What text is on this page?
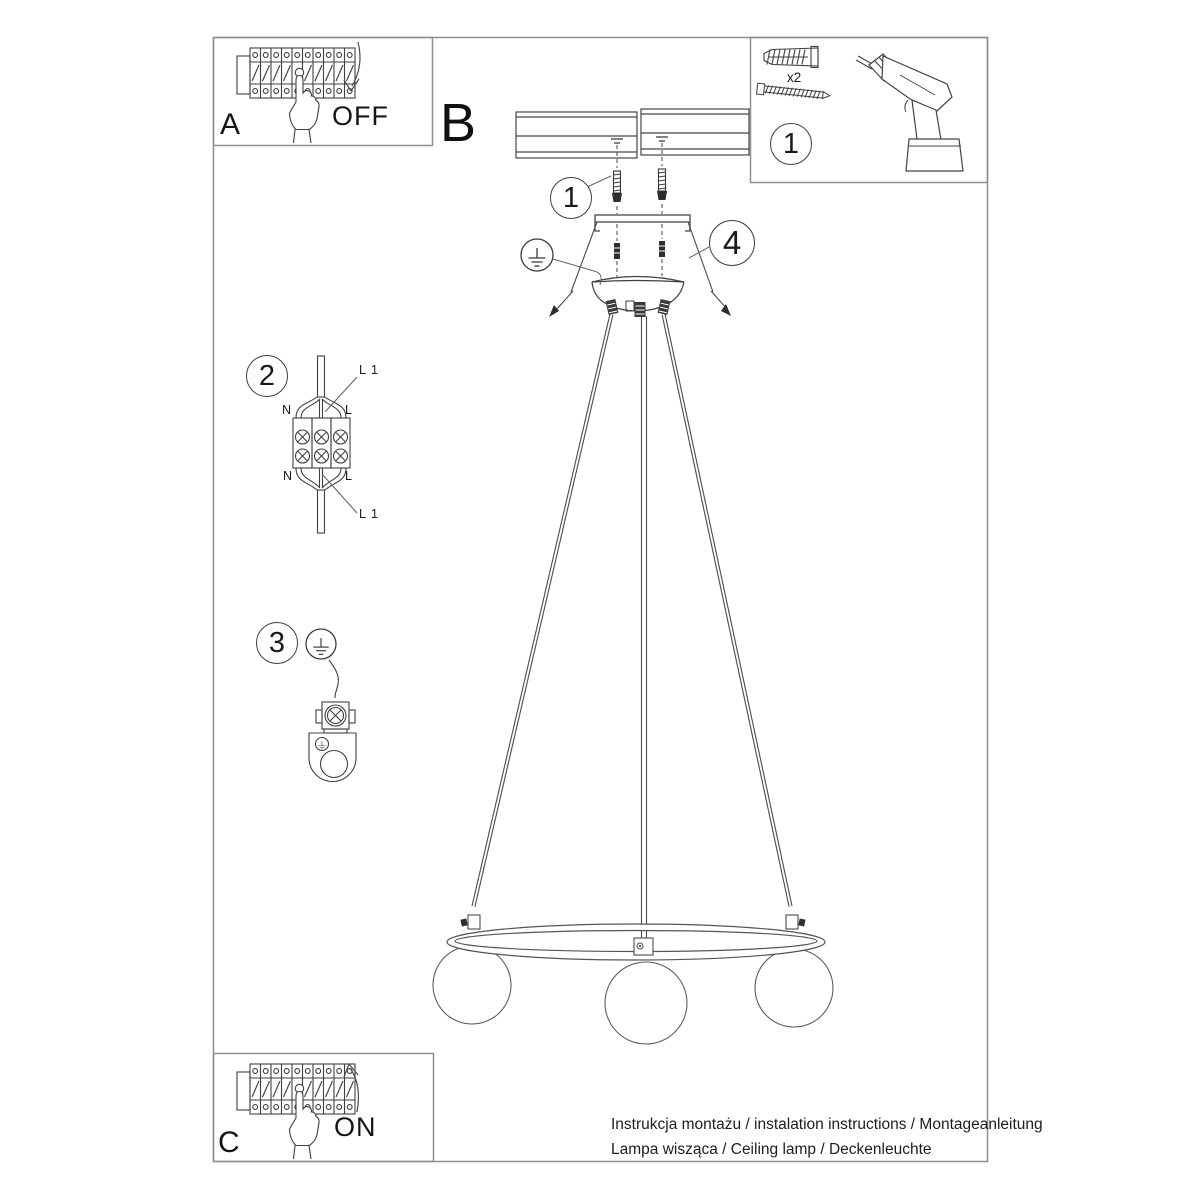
A	OFF B
C	ON
1
4
2
3
1
x2
N	L
N	L
L 1
L 1
Instrukcja montażu / instalation instructions / Montageanleitung
Lampa wisząca / Ceiling lamp / Deckenleuchte
